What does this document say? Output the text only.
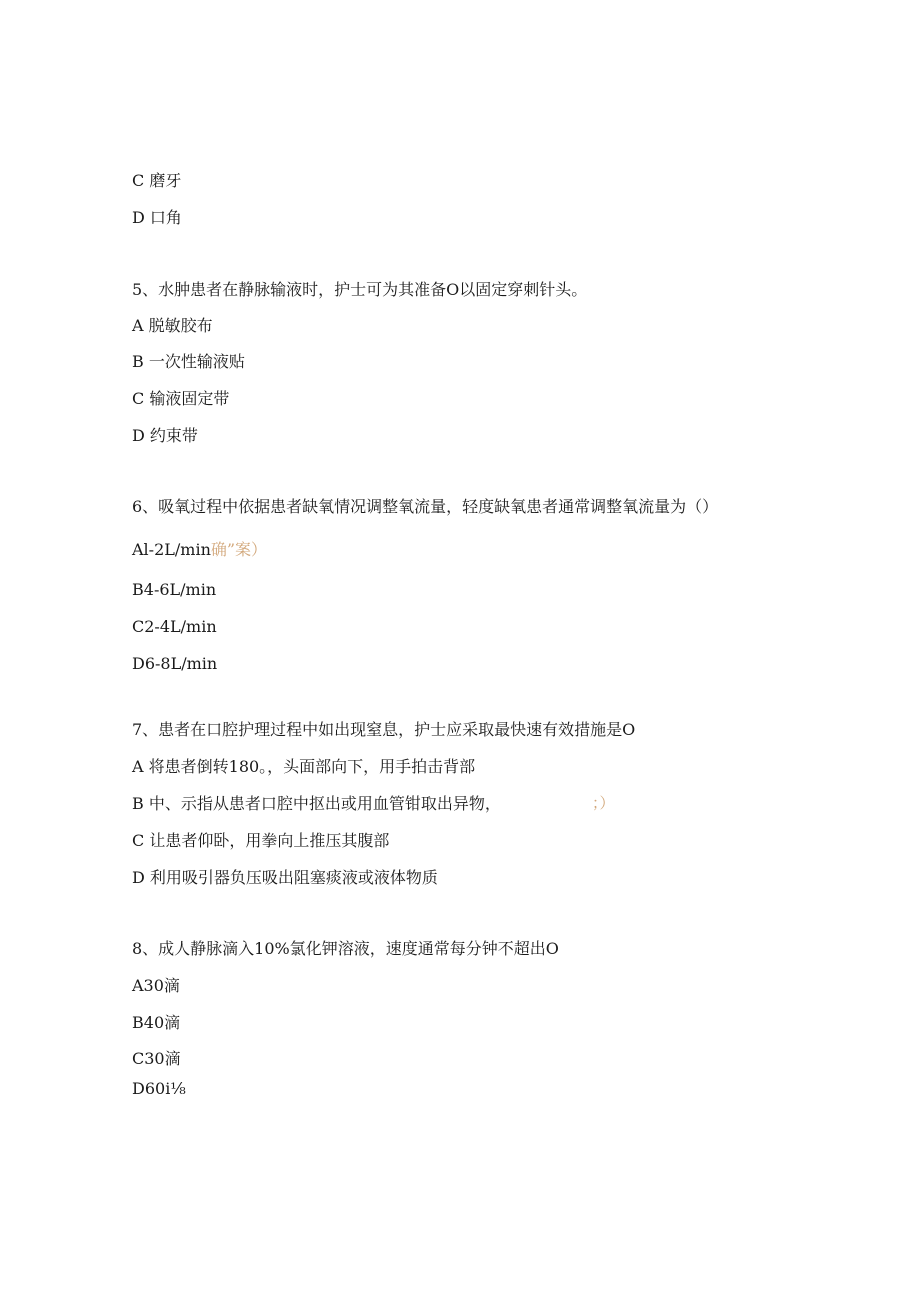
C 磨牙
D 口角
5、水肿患者在静脉输液时，护士可为其准备O以固定穿刺针头。
A 脱敏胶布
B 一次性输液贴
C 输液固定带
D 约束带
6、吸氧过程中依据患者缺氧情况调整氧流量，轻度缺氧患者通常调整氧流量为（）
Al-2L∕min确”案）
B4-6L∕min
C2-4L∕min
D6-8L∕min
7、患者在口腔护理过程中如出现窒息，护士应采取最快速有效措施是O
A 将患者倒转180。，头面部向下，用手拍击背部
B 中、示指从患者口腔中抠出或用血管钳取出异物，	；）
C 让患者仰卧，用拳向上推压其腹部
D 利用吸引器负压吸出阻塞痰液或液体物质
8、成人静脉滴入10%氯化钾溶液，速度通常每分钟不超出O
A30滴
B40滴
C30滴
D60i⅛
